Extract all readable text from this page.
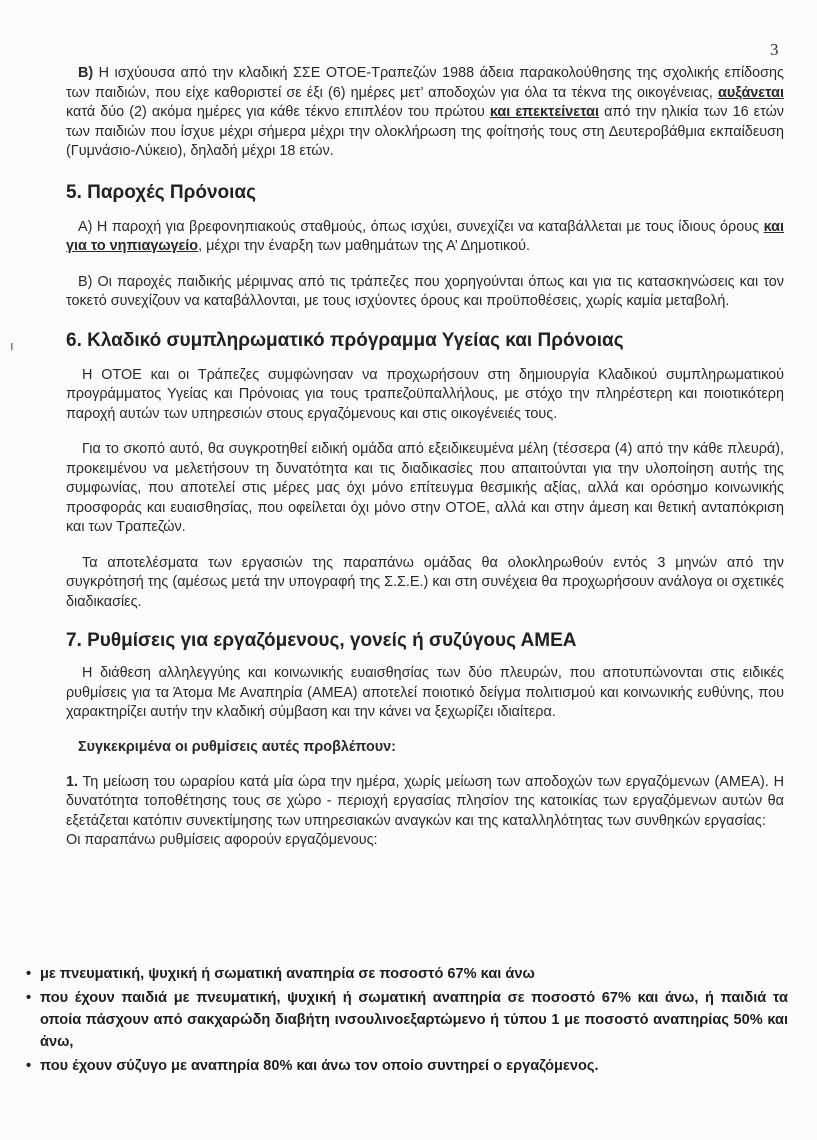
3
ı

B) Η ισχύουσα από την κλαδική ΣΣΕ ΟΤΟΕ-Τραπεζών 1988 άδεια παρακολούθησης της σχολικής επίδοσης των παιδιών, που είχε καθοριστεί σε έξι (6) ημέρες μετ’ αποδοχών για όλα τα τέκνα της οικογένειας, αυξάνεται κατά δύο (2) ακόμα ημέρες για κάθε τέκνο επιπλέον του πρώτου και επεκτείνεται από την ηλικία των 16 ετών των παιδιών που ίσχυε μέχρι σήμερα μέχρι την ολοκλήρωση της φοίτησής τους στη Δευτεροβάθμια εκπαίδευση (Γυμνάσιο-Λύκειο), δηλαδή μέχρι 18 ετών.

5. Παροχές Πρόνοιας

Α) Η παροχή για βρεφονηπιακούς σταθμούς, όπως ισχύει, συνεχίζει να καταβάλλεται με τους ίδιους όρους και για το νηπιαγωγείο, μέχρι την έναρξη των μαθημάτων της Α’ Δημοτικού.

Β) Οι παροχές παιδικής μέριμνας από τις τράπεζες που χορηγούνται όπως και για τις κατασκηνώσεις και τον τοκετό συνεχίζουν να καταβάλλονται, με τους ισχύοντες όρους και προϋποθέσεις, χωρίς καμία μεταβολή.

6. Κλαδικό συμπληρωματικό πρόγραμμα Υγείας και Πρόνοιας

Η ΟΤΟΕ και οι Τράπεζες συμφώνησαν να προχωρήσουν στη δημιουργία Κλαδικού συμπληρωματικού προγράμματος Υγείας και Πρόνοιας για τους τραπεζοϋπαλλήλους, με στόχο την πληρέστερη και ποιοτικότερη παροχή αυτών των υπηρεσιών στους εργαζόμενους και στις οικογένειές τους.

Για το σκοπό αυτό, θα συγκροτηθεί ειδική ομάδα από εξειδικευμένα μέλη (τέσσερα (4) από την κάθε πλευρά), προκειμένου να μελετήσουν τη δυνατότητα και τις διαδικασίες που απαιτούνται για την υλοποίηση αυτής της συμφωνίας, που αποτελεί στις μέρες μας όχι μόνο επίτευγμα θεσμικής αξίας, αλλά και ορόσημο κοινωνικής προσφοράς και ευαισθησίας, που οφείλεται όχι μόνο στην ΟΤΟΕ, αλλά και στην άμεση και θετική ανταπόκριση και των Τραπεζών.

Τα αποτελέσματα των εργασιών της παραπάνω ομάδας θα ολοκληρωθούν εντός 3 μηνών από την συγκρότησή της (αμέσως μετά την υπογραφή της Σ.Σ.Ε.) και στη συνέχεια θα προχωρήσουν ανάλογα οι σχετικές διαδικασίες.

7. Ρυθμίσεις για εργαζόμενους, γονείς ή συζύγους ΑΜΕΑ

Η διάθεση αλληλεγγύης και κοινωνικής ευαισθησίας των δύο πλευρών, που αποτυπώνονται στις ειδικές ρυθμίσεις για τα Άτομα Με Αναπηρία (ΑΜΕΑ) αποτελεί ποιοτικό δείγμα πολιτισμού και κοινωνικής ευθύνης, που χαρακτηρίζει αυτήν την κλαδική σύμβαση και την κάνει να ξεχωρίζει ιδιαίτερα.

Συγκεκριμένα οι ρυθμίσεις αυτές προβλέπουν:

1. Τη μείωση του ωραρίου κατά μία ώρα την ημέρα, χωρίς μείωση των αποδοχών των εργαζόμενων (ΑΜΕΑ). Η δυνατότητα τοποθέτησης τους σε χώρο - περιοχή εργασίας πλησίον της κατοικίας των εργαζόμενων αυτών θα εξετάζεται κατόπιν συνεκτίμησης των υπηρεσιακών αναγκών και της καταλληλότητας των συνθηκών εργασίας:

Οι παραπάνω ρυθμίσεις αφορούν εργαζόμενους:

• με πνευματική, ψυχική ή σωματική αναπηρία σε ποσοστό 67% και άνω
• που έχουν παιδιά με πνευματική, ψυχική ή σωματική αναπηρία σε ποσοστό 67% και άνω, ή παιδιά τα οποία πάσχουν από σακχαρώδη διαβήτη ινσουλινοεξαρτώμενο ή τύπου 1 με ποσοστό αναπηρίας 50% και άνω,
• που έχουν σύζυγο με αναπηρία 80% και άνω τον οποίο συντηρεί ο εργαζόμενος.
